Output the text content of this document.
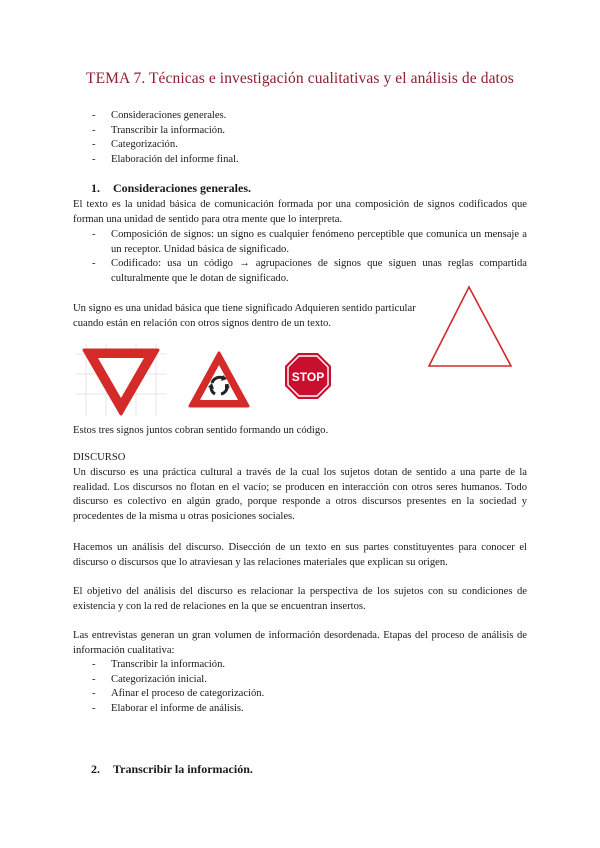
TEMA 7. Técnicas e investigación cualitativas y el análisis de datos
- Consideraciones generales.
- Transcribir la información.
- Categorización.
- Elaboración del informe final.
1. Consideraciones generales.
El texto es la unidad básica de comunicación formada por una composición de signos codificados que forman una unidad de sentido para otra mente que lo interpreta.
- Composición de signos: un signo es cualquier fenómeno perceptible que comunica un mensaje a un receptor. Unidad básica de significado.
- Codificado: usa un código → agrupaciones de signos que siguen unas reglas compartida culturalmente que le dotan de significado.
Un signo es una unidad básica que tiene significado Adquieren sentido particular
cuando están en relación con otros signos dentro de un texto.
STOP
Estos tres signos juntos cobran sentido formando un código.
DISCURSO
Un discurso es una práctica cultural a través de la cual los sujetos dotan de sentido a una parte de la realidad. Los discursos no flotan en el vacío; se producen en interacción con otros seres humanos. Todo discurso es colectivo en algún grado, porque responde a otros discursos presentes en la sociedad y procedentes de la misma u otras posiciones sociales.
Hacemos un análisis del discurso. Disección de un texto en sus partes constituyentes para conocer el discurso o discursos que lo atraviesan y las relaciones materiales que explican su origen.
El objetivo del análisis del discurso es relacionar la perspectiva de los sujetos con su condiciones de existencia y con la red de relaciones en la que se encuentran insertos.
Las entrevistas generan un gran volumen de información desordenada. Etapas del proceso de análisis de información cualitativa:
- Transcribir la información.
- Categorización inicial.
- Afinar el proceso de categorización.
- Elaborar el informe de análisis.
2. Transcribir la información.
